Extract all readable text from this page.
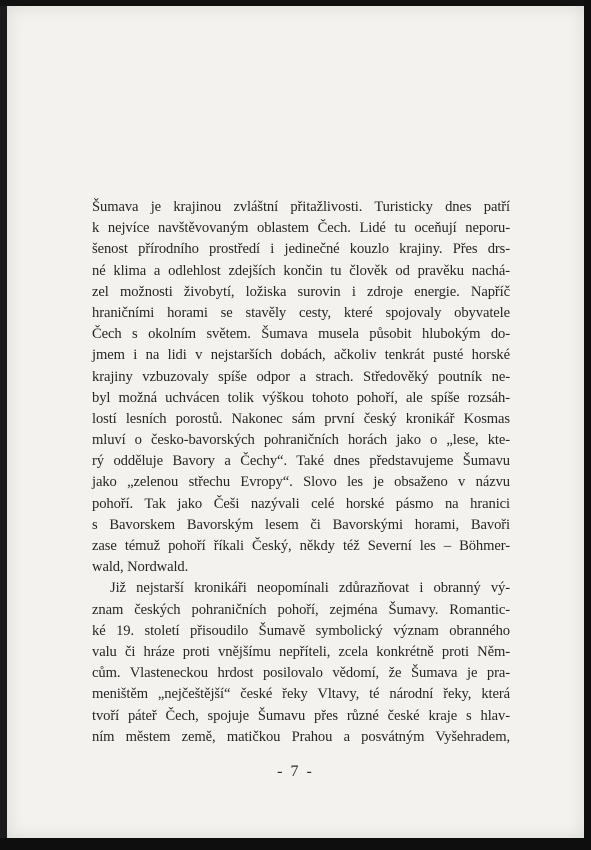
Šumava je krajinou zvláštní přitažlivosti. Turisticky dnes patří
k nejvíce navštěvovaným oblastem Čech. Lidé tu oceňují neporu-
šenost přírodního prostředí i jedinečné kouzlo krajiny. Přes drs-
né klima a odlehlost zdejších končin tu člověk od pravěku nachá-
zel možnosti živobytí, ložiska surovin i zdroje energie. Napříč
hraničními horami se stavěly cesty, které spojovaly obyvatele
Čech s okolním světem. Šumava musela působit hlubokým do-
jmem i na lidi v nejstarších dobách, ačkoliv tenkrát pusté horské
krajiny vzbuzovaly spíše odpor a strach. Středověký poutník ne-
byl možná uchvácen tolik výškou tohoto pohoří, ale spíše rozsáh-
lostí lesních porostů. Nakonec sám první český kronikář Kosmas
mluví o česko-bavorských pohraničních horách jako o „lese, kte-
rý odděluje Bavory a Čechy“. Také dnes představujeme Šumavu
jako „zelenou střechu Evropy“. Slovo les je obsaženo v názvu
pohoří. Tak jako Češi nazývali celé horské pásmo na hranici
s Bavorskem Bavorským lesem či Bavorskými horami, Bavoři
zase témuž pohoří říkali Český, někdy též Severní les – Böhmer-
wald, Nordwald.
Již nejstarší kronikáři neopomínali zdůrazňovat i obranný vý-
znam českých pohraničních pohoří, zejména Šumavy. Romantic-
ké 19. století přisoudilo Šumavě symbolický význam obranného
valu či hráze proti vnějšímu nepříteli, zcela konkrétně proti Něm-
cům. Vlasteneckou hrdost posilovalo vědomí, že Šumava je pra-
meništěm „nejčeštější“ české řeky Vltavy, té národní řeky, která
tvoří páteř Čech, spojuje Šumavu přes různé české kraje s hlav-
ním městem země, matičkou Prahou a posvátným Vyšehradem,
- 7 -
